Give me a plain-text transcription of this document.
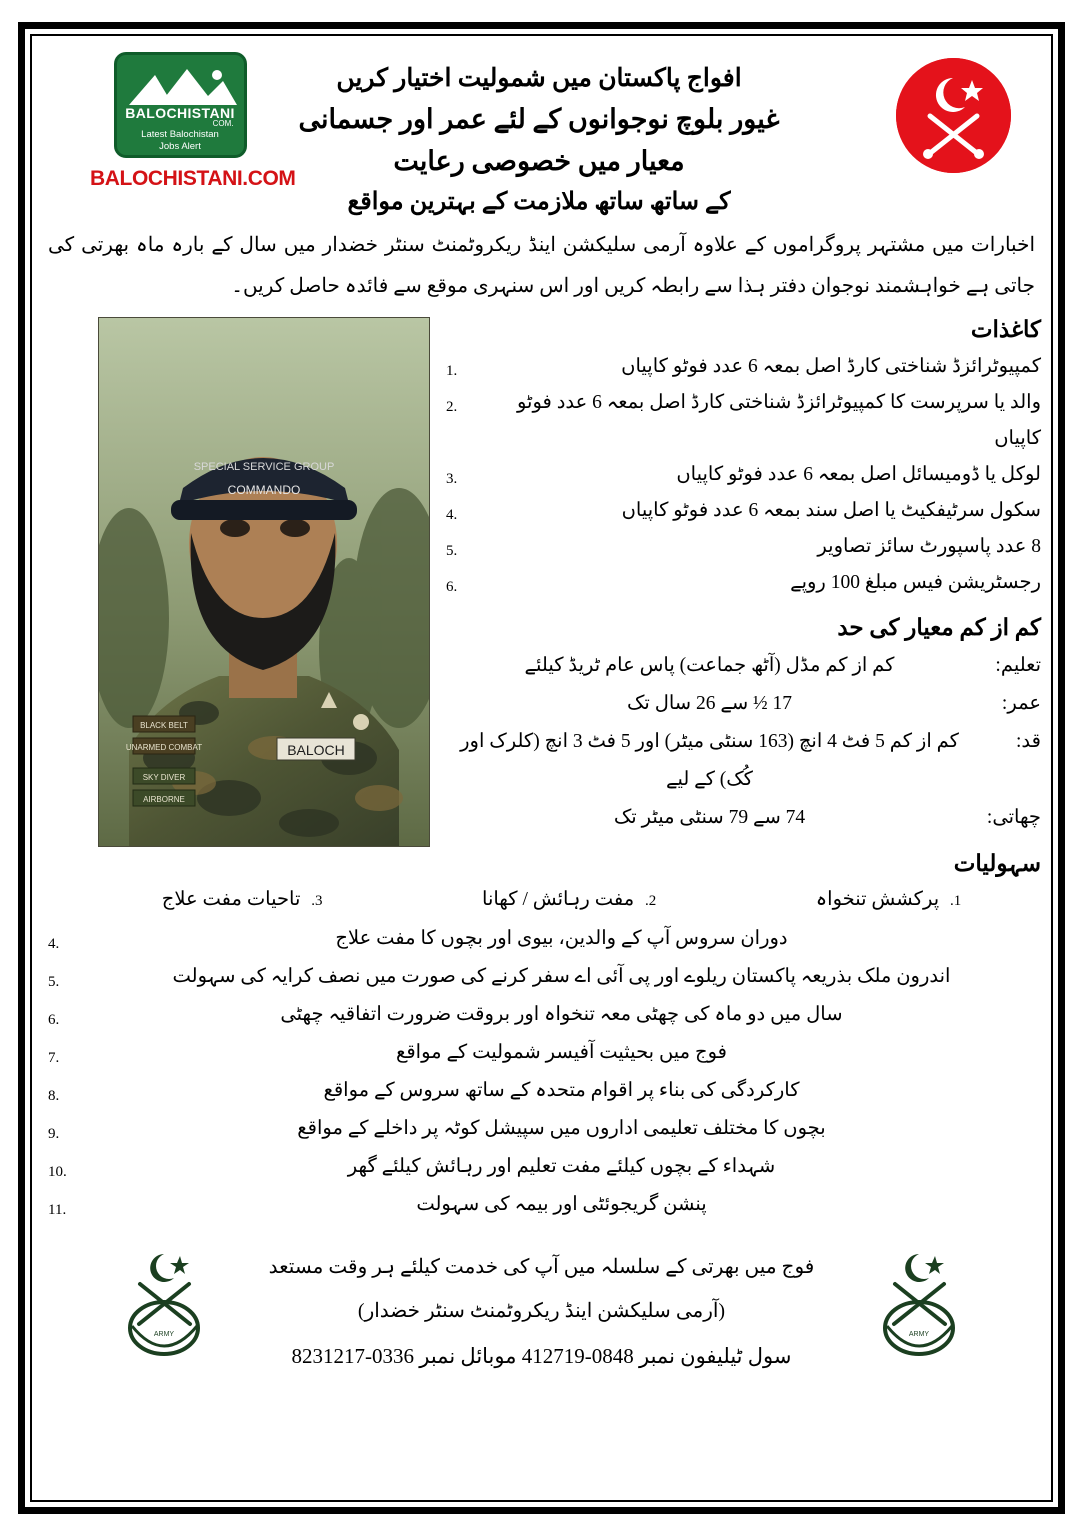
BALOCHISTANI
.COM
Latest Balochistan
Jobs Alert
BALOCHISTANI.COM
افواج پاکستان میں شمولیت اختیار کریں
غیور بلوچ نوجوانوں کے لئے عمر اور جسمانی معیار میں خصوصی رعایت
کے ساتھ ساتھ ملازمت کے بہترین مواقع
اخبارات میں مشتہر پروگراموں کے علاوہ آرمی سلیکشن اینڈ ریکروٹمنٹ سنٹر خضدار میں سال کے بارہ ماہ بھرتی کی جاتی ہے خواہشمند نوجوان دفتر ہذا سے رابطہ کریں اور اس سنہری موقع سے فائدہ حاصل کریں۔
SPECIAL SERVICE GROUP
COMMANDO
BALOCH
BLACK BELT
UNARMED COMBAT
SKY DIVER
AIRBORNE
کاغذات
1.	کمپیوٹرائزڈ شناختی کارڈ اصل بمعہ 6 عدد فوٹو کاپیاں
2.	والد یا سرپرست کا کمپیوٹرائزڈ شناختی کارڈ اصل بمعہ 6 عدد فوٹو کاپیاں
3.	لوکل یا ڈومیسائل اصل بمعہ 6 عدد فوٹو کاپیاں
4.	سکول سرٹیفکیٹ یا اصل سند بمعہ 6 عدد فوٹو کاپیاں
5.	8 عدد پاسپورٹ سائز تصاویر
6.	رجسٹریشن فیس مبلغ 100 روپے
کم از کم معیار کی حد
تعلیم:
کم از کم مڈل (آٹھ جماعت) پاس عام ٹریڈ کیلئے
عمر:
17 ½ سے 26 سال تک
قد:
کم از کم 5 فٹ 4 انچ (163 سنٹی میٹر) اور 5 فٹ 3 انچ (کلرک اور کُک) کے لیے
چھاتی:
74 سے 79 سنٹی میٹر تک
سہولیات
1. پرکشش تنخواہ
2. مفت رہائش / کھانا
3. تاحیات مفت علاج
4.	دوران سروس آپ کے والدین، بیوی اور بچوں کا مفت علاج
5.	اندرون ملک بذریعہ پاکستان ریلوے اور پی آئی اے سفر کرنے کی صورت میں نصف کرایہ کی سہولت
6.	سال میں دو ماہ کی چھٹی معہ تنخواہ اور بروقت ضرورت اتفاقیہ چھٹی
7.	فوج میں بحیثیت آفیسر شمولیت کے مواقع
8.	کارکردگی کی بناء پر اقوام متحدہ کے ساتھ سروس کے مواقع
9.	بچوں کا مختلف تعلیمی اداروں میں سپیشل کوٹہ پر داخلے کے مواقع
10.	شہداء کے بچوں کیلئے مفت تعلیم اور رہائش کیلئے گھر
11.	پنشن گریجوئٹی اور بیمہ کی سہولت
ARMY
فوج میں بھرتی کے سلسلہ میں آپ کی خدمت کیلئے ہر وقت مستعد
(آرمی سلیکشن اینڈ ریکروٹمنٹ سنٹر خضدار)
سول ٹیلیفون نمبر 0848-412719 موبائل نمبر 0336-8231217
ARMY
